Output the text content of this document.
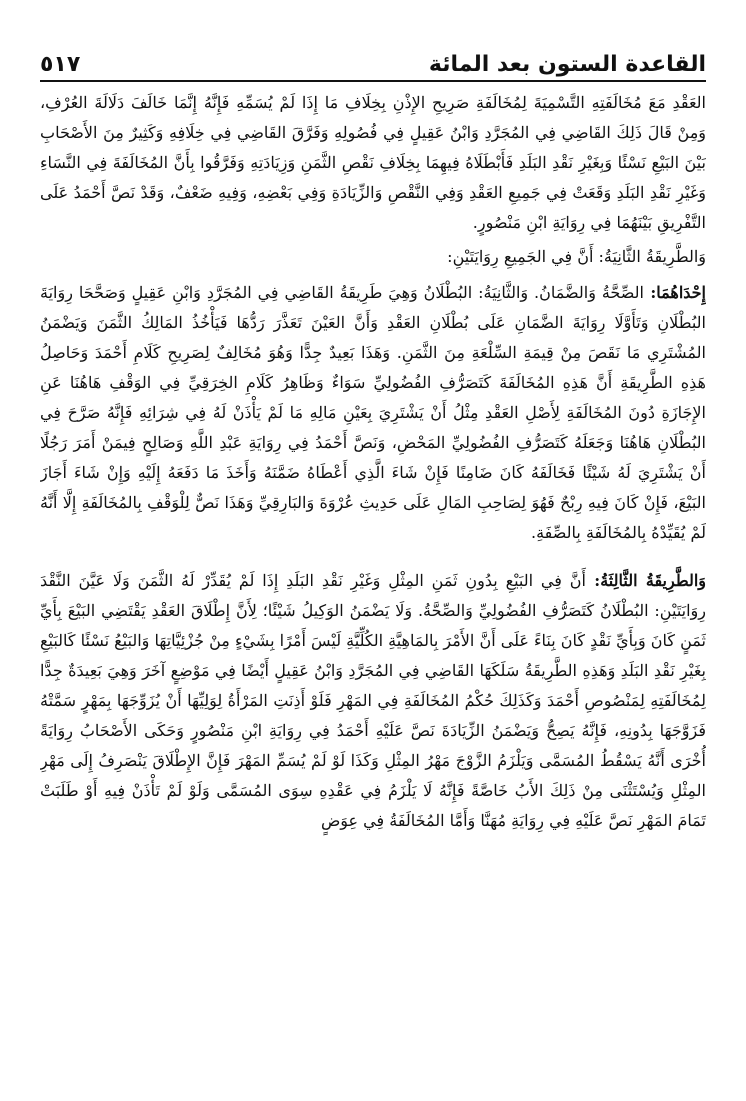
القاعدة الستون بعد المائة
٥١٧

العَقْدِ مَعَ مُخَالَفَتِهِ التَّسْمِيَةَ لِمُخَالَفَةِ صَرِيحِ الإِذْنِ بِخِلَافِ مَا إِذَا لَمْ يُسَمِّهِ فَإِنَّهُ إِنَّمَا خَالَفَ دَلَالَةَ العُرْفِ، وَمِنْ قَالَ ذَلِكَ القَاضِي فِي المُجَرَّدِ وَابْنُ عَقِيلٍ فِي فُصُولِهِ وَفَرَّقَ القَاضِي فِي خِلَافِهِ وَكَثِيرٌ مِنَ الأَصْحَابِ بَيْنَ البَيْعِ نَسْئًا وَبِغَيْرِ نَقْدِ البَلَدِ فَأَبْطَلَاهُ فِيهِمَا بِخِلَافِ نَقْصِ الثَّمَنِ وَزِيَادَتِهِ وَفَرَّقُوا بِأَنَّ المُخَالَفَةَ فِي النَّسَاءِ وَغَيْرِ نَقْدِ البَلَدِ وَقَعَتْ فِي جَمِيعِ العَقْدِ وَفِي النَّقْصِ وَالزِّيَادَةِ وَفِي بَعْضِهِ، وَفِيهِ ضَعْفٌ، وَقَدْ نَصَّ أَحْمَدُ عَلَى التَّفْرِيقِ بَيْنَهُمَا فِي رِوَايَةِ ابْنِ مَنْصُورٍ.

وَالطَّرِيقَةُ الثَّانِيَةُ: أَنَّ فِي الجَمِيعِ رِوَايَتَيْنِ:

إِحْدَاهُمَا: الصِّحَّةُ وَالضَّمَانُ. وَالثَّانِيَةُ: البُطْلَانُ وَهِيَ طَرِيقَةُ القَاضِي فِي المُجَرَّدِ وَابْنِ عَقِيلٍ وَصَحَّحَا رِوَايَةَ البُطْلَانِ وَتَأَوَّلَا رِوَايَةَ الضَّمَانِ عَلَى بُطْلَانِ العَقْدِ وَأَنَّ العَيْنَ تَعَذَّرَ رَدُّهَا فَيَأْخُذُ المَالِكُ الثَّمَنَ وَيَضْمَنُ المُشْتَرِي مَا نَقَصَ مِنْ قِيمَةِ السِّلْعَةِ مِنَ الثَّمَنِ. وَهَذَا بَعِيدٌ جِدًّا وَهُوَ مُخَالِفٌ لِصَرِيحِ كَلَامِ أَحْمَدَ وَحَاصِلُ هَذِهِ الطَّرِيقَةِ أَنَّ هَذِهِ المُخَالَفَةَ كَتَصَرُّفِ الفُضُولِيِّ سَوَاءٌ وَظَاهِرُ كَلَامِ الخِرَقِيِّ فِي الوَقْفِ هَاهُنَا عَنِ الإِجَازَةِ دُونَ المُخَالَفَةِ لِأَصْلِ العَقْدِ مِثْلُ أَنْ يَشْتَرِيَ بِعَيْنِ مَالِهِ مَا لَمْ يَأْذَنْ لَهُ فِي شِرَائِهِ فَإِنَّهُ صَرَّحَ فِي البُطْلَانِ هَاهُنَا وَجَعَلَهُ كَتَصَرُّفِ الفُضُولِيِّ المَحْضِ، وَنَصَّ أَحْمَدُ فِي رِوَايَةِ عَبْدِ اللَّهِ وَصَالِحٍ فِيمَنْ أَمَرَ رَجُلًا أَنْ يَشْتَرِيَ لَهُ شَيْئًا فَخَالَفَهُ كَانَ ضَامِنًا فَإِنْ شَاءَ الَّذِي أَعْطَاهُ ضَمَّنَهُ وَأَخَذَ مَا دَفَعَهُ إِلَيْهِ وَإِنْ شَاءَ أَجَازَ البَيْعَ، فَإِنْ كَانَ فِيهِ رِبْحٌ فَهُوَ لِصَاحِبِ المَالِ عَلَى حَدِيثِ عُرْوَةَ وَالبَارِقِيِّ وَهَذَا نَصٌّ لِلْوَقْفِ بِالمُخَالَفَةِ إِلَّا أَنَّهُ لَمْ يُقَيِّدْهُ بِالمُخَالَفَةِ بِالصِّفَةِ.

وَالطَّرِيقَةُ الثَّالِثَةُ: أَنَّ فِي البَيْعِ بِدُونِ ثَمَنِ المِثْلِ وَغَيْرِ نَقْدِ البَلَدِ إِذَا لَمْ يُقَدِّرْ لَهُ الثَّمَنَ وَلَا عَيَّنَ النَّقْدَ رِوَايَتَيْنِ: البُطْلَانُ كَتَصَرُّفِ الفُضُولِيِّ وَالصِّحَّةُ. وَلَا يَضْمَنُ الوَكِيلُ شَيْئًا؛ لِأَنَّ إِطْلَاقَ العَقْدِ يَقْتَضِي البَيْعَ بِأَيِّ ثَمَنٍ كَانَ وَبِأَيِّ نَقْدٍ كَانَ بِنَاءً عَلَى أَنَّ الأَمْرَ بِالمَاهِيَّةِ الكُلِّيَّةِ لَيْسَ أَمْرًا بِشَيْءٍ مِنْ جُزْئِيَّاتِهَا وَالبَيْعُ نَسْئًا كَالبَيْعِ بِغَيْرِ نَقْدِ البَلَدِ وَهَذِهِ الطَّرِيقَةُ سَلَكَهَا القَاضِي فِي المُجَرَّدِ وَابْنُ عَقِيلٍ أَيْضًا فِي مَوْضِعٍ آخَرَ وَهِيَ بَعِيدَةٌ جِدًّا لِمُخَالَفَتِهِ لِمَنْصُوصِ أَحْمَدَ وَكَذَلِكَ حُكْمُ المُخَالَفَةِ فِي المَهْرِ فَلَوْ أَذِنَتِ المَرْأَةُ لِوَلِيِّهَا أَنْ يُزَوِّجَهَا بِمَهْرٍ سَمَّتْهُ فَزَوَّجَهَا بِدُونِهِ، فَإِنَّهُ يَصِحُّ وَيَضْمَنُ الزِّيَادَةَ نَصَّ عَلَيْهِ أَحْمَدُ فِي رِوَايَةِ ابْنِ مَنْصُورٍ وَحَكَى الأَصْحَابُ رِوَايَةً أُخْرَى أَنَّهُ يَسْقُطُ المُسَمَّى وَيَلْزَمُ الزَّوْجَ مَهْرُ المِثْلِ وَكَذَا لَوْ لَمْ يُسَمِّ المَهْرَ فَإِنَّ الإِطْلَاقَ يَنْصَرِفُ إِلَى مَهْرِ المِثْلِ وَيُسْتَثْنَى مِنْ ذَلِكَ الأَبُ خَاصَّةً فَإِنَّهُ لَا يَلْزَمُ فِي عَقْدِهِ سِوَى المُسَمَّى وَلَوْ لَمْ تَأْذَنْ فِيهِ أَوْ طَلَبَتْ تَمَامَ المَهْرِ نَصَّ عَلَيْهِ فِي رِوَايَةِ مُهَنَّا وَأَمَّا المُخَالَفَةُ فِي عِوَضٍ
